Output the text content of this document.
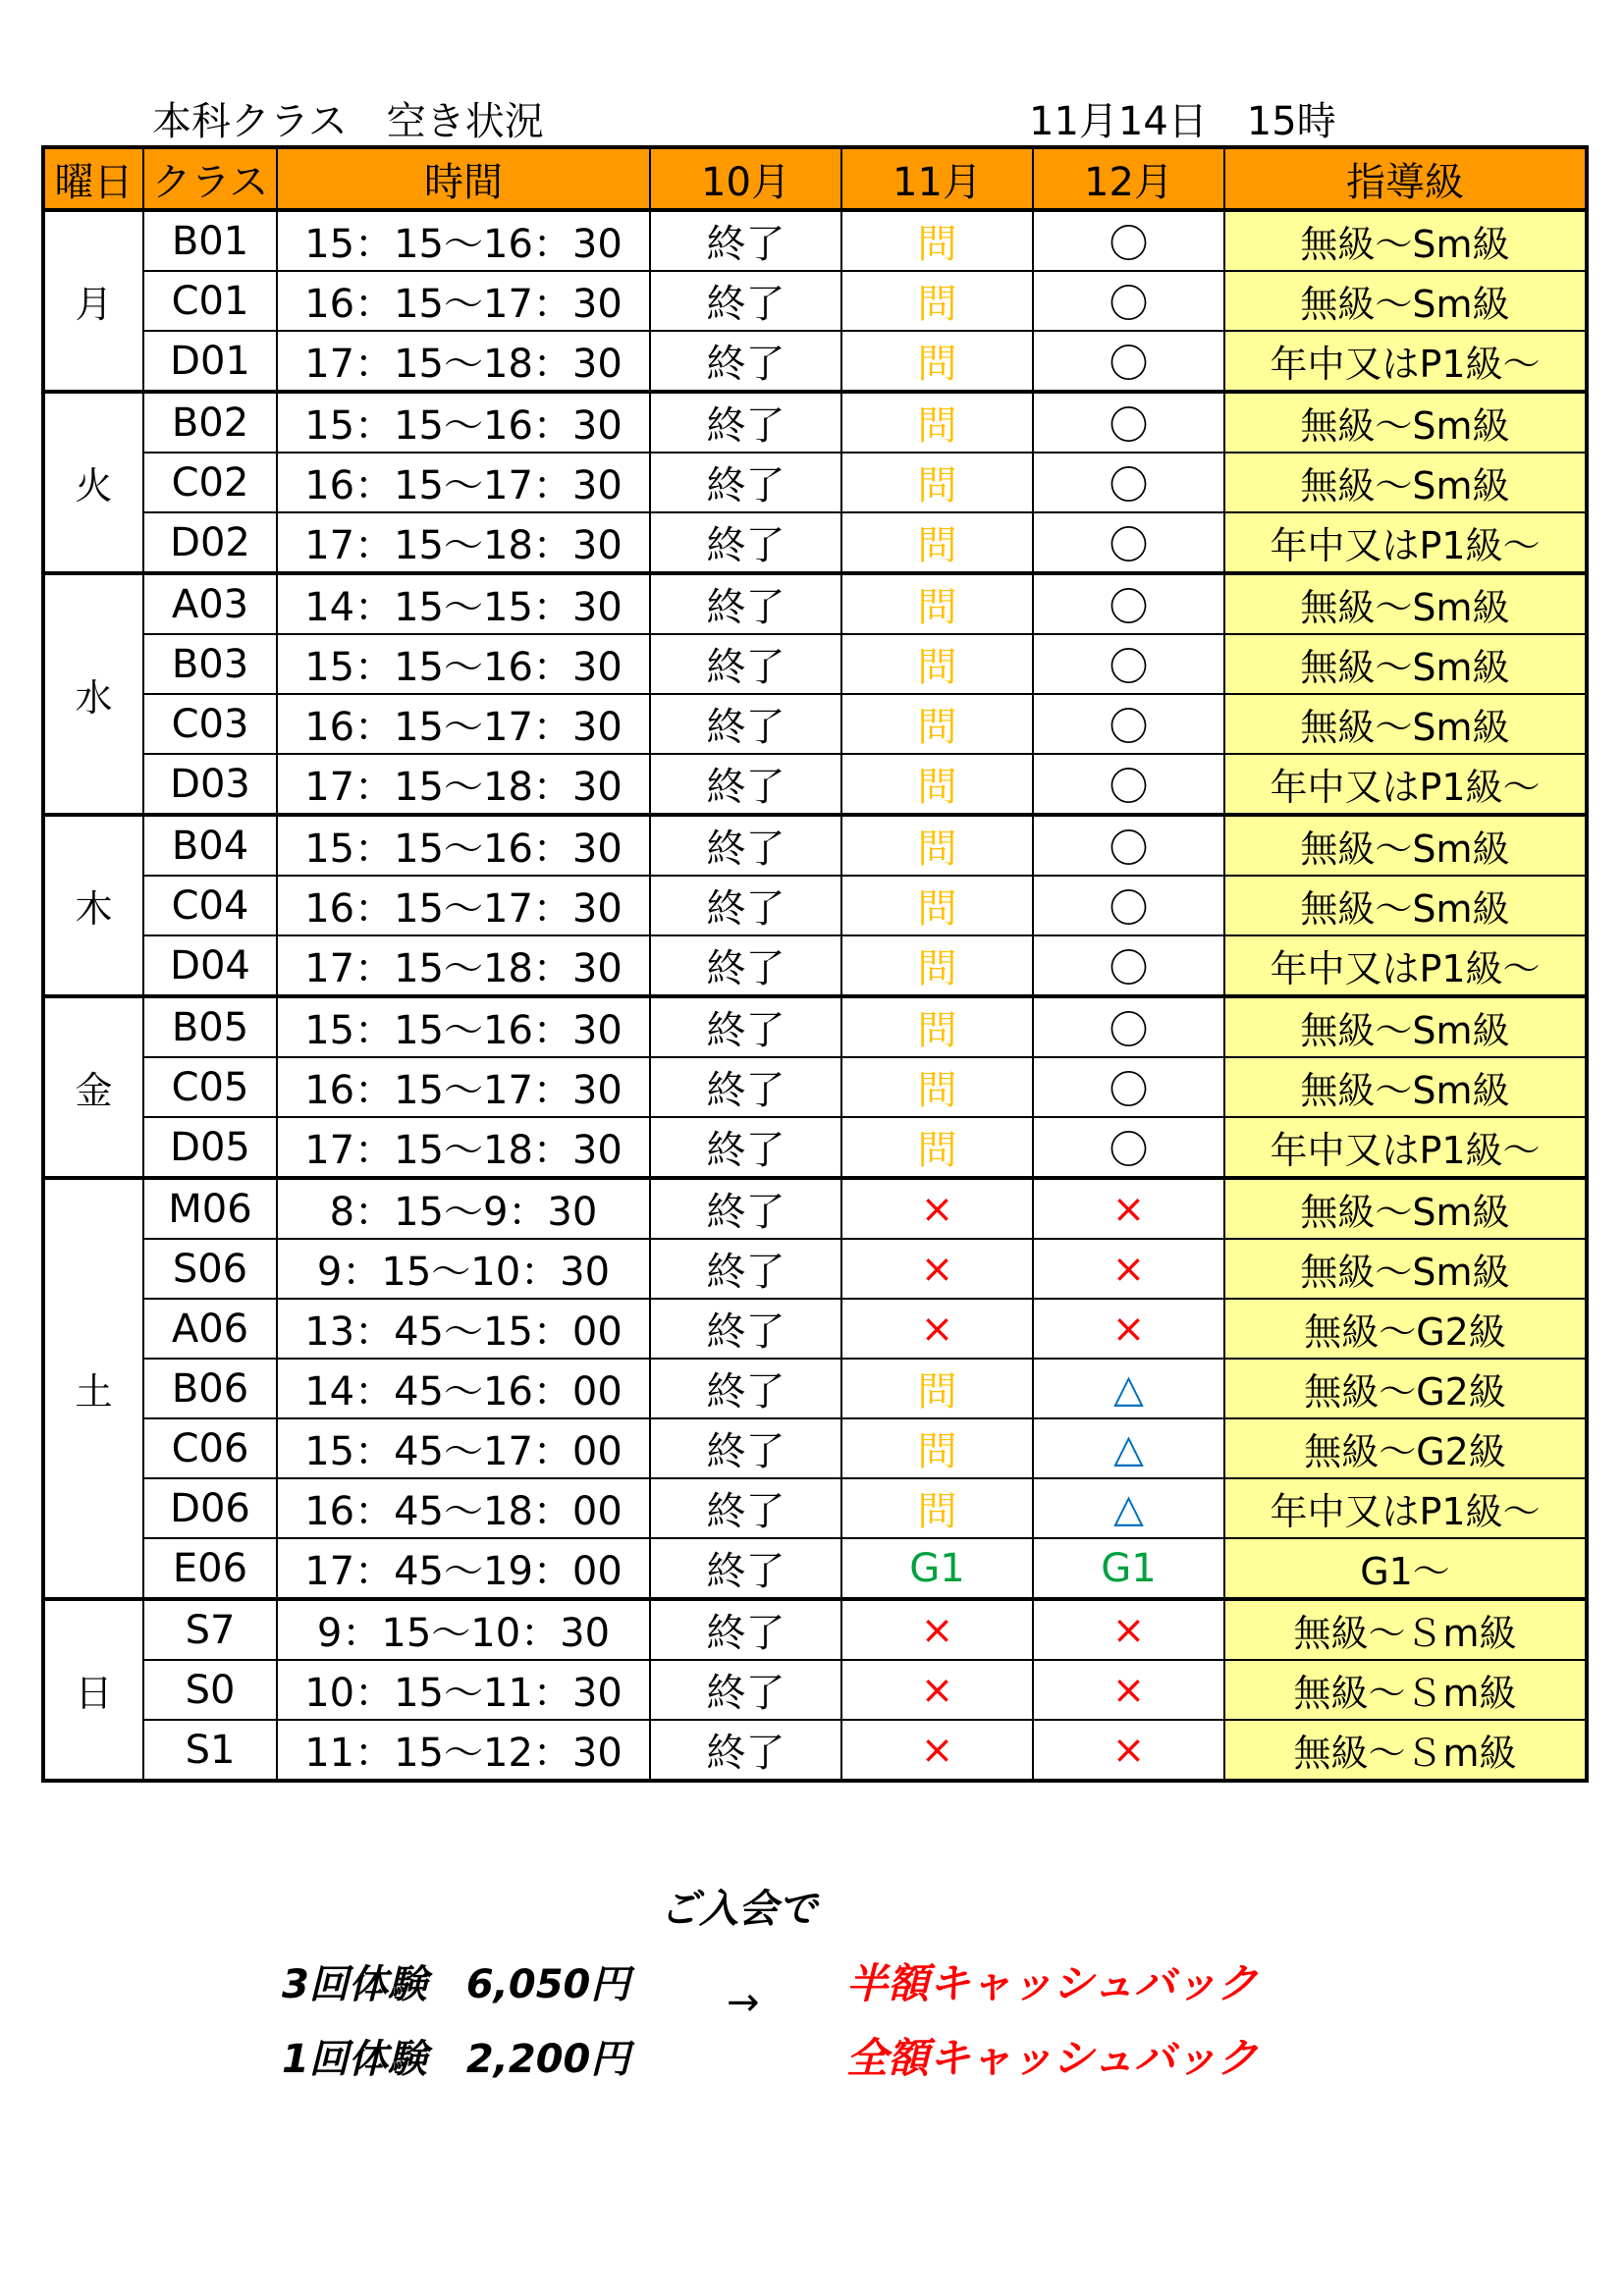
本科クラス　空き状況	11月14日　15時
曜日	クラス	時間	10月	11月	12月	指導級
月	B01	15：15～16：30	終了	問	〇	無級～Sm級
	C01	16：15～17：30	終了	問	〇	無級～Sm級
	D01	17：15～18：30	終了	問	〇	年中又はP1級～
火	B02	15：15～16：30	終了	問	〇	無級～Sm級
	C02	16：15～17：30	終了	問	〇	無級～Sm級
	D02	17：15～18：30	終了	問	〇	年中又はP1級～
水	A03	14：15～15：30	終了	問	〇	無級～Sm級
	B03	15：15～16：30	終了	問	〇	無級～Sm級
	C03	16：15～17：30	終了	問	〇	無級～Sm級
	D03	17：15～18：30	終了	問	〇	年中又はP1級～
木	B04	15：15～16：30	終了	問	〇	無級～Sm級
	C04	16：15～17：30	終了	問	〇	無級～Sm級
	D04	17：15～18：30	終了	問	〇	年中又はP1級～
金	B05	15：15～16：30	終了	問	〇	無級～Sm級
	C05	16：15～17：30	終了	問	〇	無級～Sm級
	D05	17：15～18：30	終了	問	〇	年中又はP1級～
土	M06	8：15～9：30	終了	×	×	無級～Sm級
	S06	9：15～10：30	終了	×	×	無級～Sm級
	A06	13：45～15：00	終了	×	×	無級～G2級
	B06	14：45～16：00	終了	問	△	無級～G2級
	C06	15：45～17：00	終了	問	△	無級～G2級
	D06	16：45～18：00	終了	問	△	年中又はP1級～
	E06	17：45～19：00	終了	G1	G1	G1～
日	S7	9：15～10：30	終了	×	×	無級～Ｓm級
	S0	10：15～11：30	終了	×	×	無級～Ｓm級
	S1	11：15～12：30	終了	×	×	無級～Ｓm級
ご入会で
3回体験　6,050円
1回体験　2,200円
→ 半額キャッシュバック
全額キャッシュバック
